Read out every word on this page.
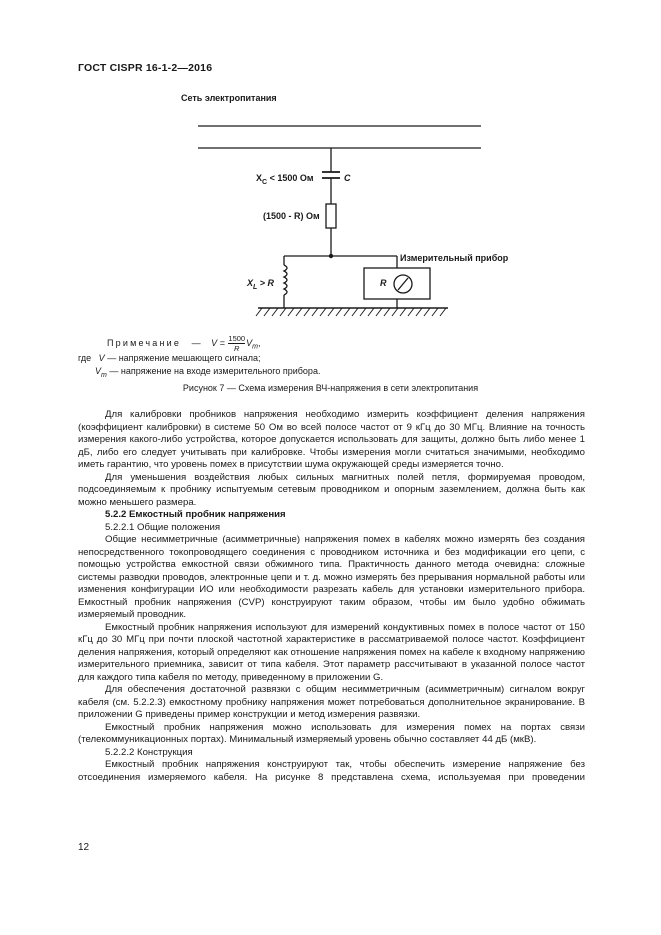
ГОСТ CISPR 16-1-2—2016
Сеть электропитания
$X_C < 1500$ Ом	C
(1500 - R) Ом
$X_L > R$	R
Измерительный прибор
Примечание — $V = \frac{1500}{R} V_m$,
где V — напряжение мешающего сигнала;
$V_m$ — напряжение на входе измерительного прибора.
Рисунок 7 — Схема измерения ВЧ-напряжения в сети электропитания

Для калибровки пробников напряжения необходимо измерить коэффициент деления напряжения (коэффициент калибровки) в системе 50 Ом во всей полосе частот от 9 кГц до 30 МГц. Влияние на точность измерения какого-либо устройства, которое допускается использовать для защиты, должно быть либо менее 1 дБ, либо его следует учитывать при калибровке. Чтобы измерения могли считаться значимыми, необходимо иметь гарантию, что уровень помех в присутствии шума окружающей среды измеряется точно.

Для уменьшения воздействия любых сильных магнитных полей петля, формируемая проводом, подсоединяемым к пробнику испытуемым сетевым проводником и опорным заземлением, должна быть как можно меньшего размера.

5.2.2 Емкостный пробник напряжения

5.2.2.1 Общие положения

Общие несимметричные (асимметричные) напряжения помех в кабелях можно измерять без создания непосредственного токопроводящего соединения с проводником источника и без модификации его цепи, с помощью устройства емкостной связи обжимного типа. Практичность данного метода очевидна: сложные системы разводки проводов, электронные цепи и т. д. можно измерять без прерывания нормальной работы или изменения конфигурации ИО или необходимости разрезать кабель для установки измерительного прибора. Емкостный пробник напряжения (CVP) конструируют таким образом, чтобы им было удобно обжимать измеряемый проводник.

Емкостный пробник напряжения используют для измерений кондуктивных помех в полосе частот от 150 кГц до 30 МГц при почти плоской частотной характеристике в рассматриваемой полосе частот. Коэффициент деления напряжения, который определяют как отношение напряжения помех на кабеле к входному напряжению измерительного приемника, зависит от типа кабеля. Этот параметр рассчитывают в указанной полосе частот для каждого типа кабеля по методу, приведенному в приложении G.

Для обеспечения достаточной развязки с общим несимметричным (асимметричным) сигналом вокруг кабеля (см. 5.2.2.3) емкостному пробнику напряжения может потребоваться дополнительное экранирование. В приложении G приведены пример конструкции и метод измерения развязки.

Емкостный пробник напряжения можно использовать для измерения помех на портах связи (телекоммуникационных портах). Минимальный измеряемый уровень обычно составляет 44 дБ (мкВ).

5.2.2.2 Конструкция

Емкостный пробник напряжения конструируют так, чтобы обеспечить измерение напряжение без отсоединения измеряемого кабеля. На рисунке 8 представлена схема, используемая при проведении

12
